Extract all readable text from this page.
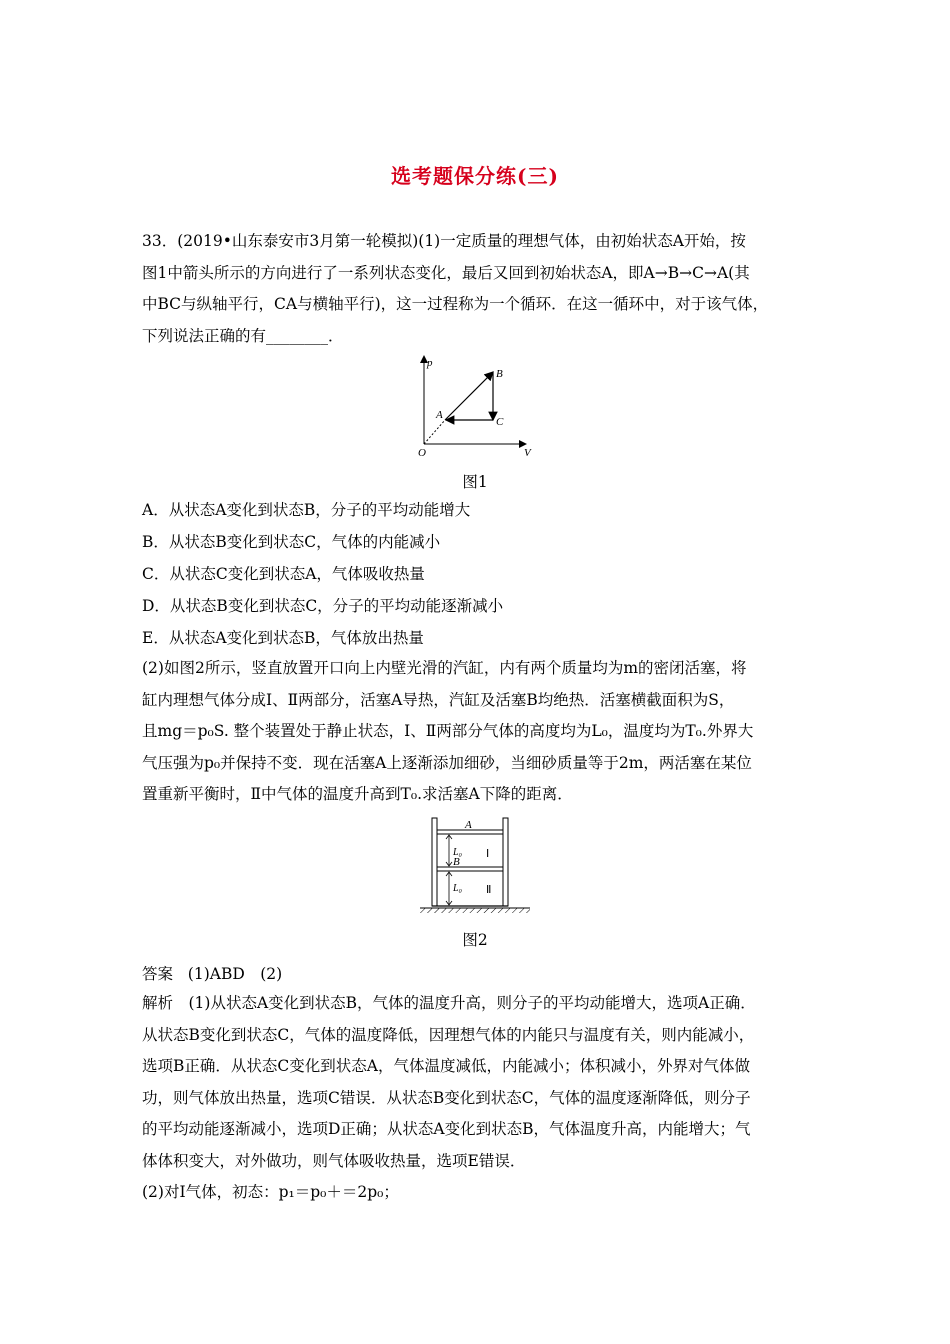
选考题保分练(三)
33．(2019•山东泰安市3月第一轮模拟)(1)一定质量的理想气体，由初始状态A开始，按
图1中箭头所示的方向进行了一系列状态变化，最后又回到初始状态A，即A→B→C→A(其
中BC与纵轴平行，CA与横轴平行)，这一过程称为一个循环．在这一循环中，对于该气体，
下列说法正确的有________．
p
V
O
A
B
C
图1
A．从状态A变化到状态B，分子的平均动能增大
B．从状态B变化到状态C，气体的内能减小
C．从状态C变化到状态A，气体吸收热量
D．从状态B变化到状态C，分子的平均动能逐渐减小
E．从状态A变化到状态B，气体放出热量
(2)如图2所示，竖直放置开口向上内壁光滑的汽缸，内有两个质量均为m的密闭活塞，将
缸内理想气体分成Ⅰ、Ⅱ两部分，活塞A导热，汽缸及活塞B均绝热．活塞横截面积为S，
且mg＝p₀S. 整个装置处于静止状态，Ⅰ、Ⅱ两部分气体的高度均为L₀，温度均为T₀.外界大
气压强为p₀并保持不变．现在活塞A上逐渐添加细砂，当细砂质量等于2m，两活塞在某位
置重新平衡时，Ⅱ中气体的温度升高到T₀.求活塞A下降的距离．
A
B
L₀
L₀
Ⅰ
Ⅱ
图2
答案 (1)ABD　(2)
解析　(1)从状态A变化到状态B，气体的温度升高，则分子的平均动能增大，选项A正确．
从状态B变化到状态C，气体的温度降低，因理想气体的内能只与温度有关，则内能减小，
选项B正确．从状态C变化到状态A，气体温度减低，内能减小；体积减小，外界对气体做
功，则气体放出热量，选项C错误．从状态B变化到状态C，气体的温度逐渐降低，则分子
的平均动能逐渐减小，选项D正确；从状态A变化到状态B，气体温度升高，内能增大；气
体体积变大，对外做功，则气体吸收热量，选项E错误．
(2)对Ⅰ气体，初态：p₁＝p₀＋＝2p₀；
